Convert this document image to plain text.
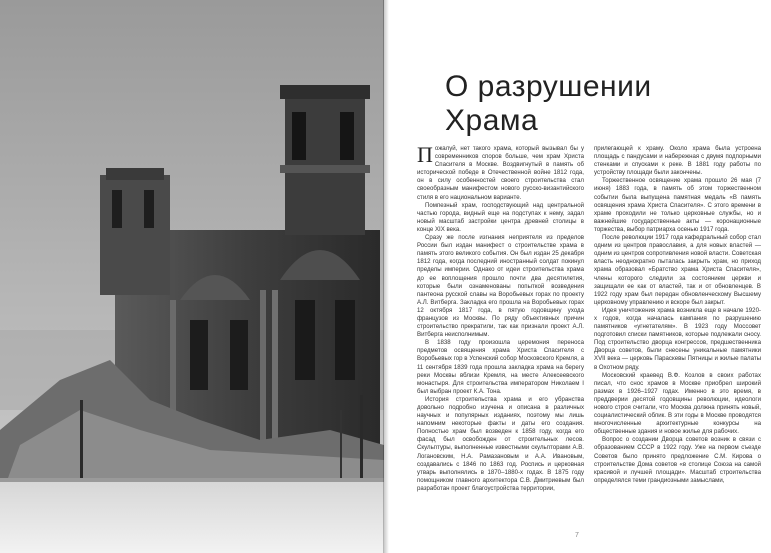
О разрушении Храма

Пожалуй, нет такого храма, который вызывал бы у современников споров больше, чем храм Христа Спасителя в Москве. Воздвигнутый в память об исторической победе в Отечественной войне 1812 года, он в силу особенностей своего строительства стал своеобразным манифестом нового русско-византийского стиля в его национальном варианте.

Помпезный храм, господствующий над центральной частью города, видный еще на подступах к нему, задал новый масштаб застройки центра древней столицы в конце XIX века.

Сразу же после изгнания неприятеля из пределов России был издан манифест о строительстве храма в память этого великого события. Он был издан 25 декабря 1812 года, когда последний иностранный солдат покинул пределы империи. Однако от идеи строительства храма до ее воплощения прошло почти два десятилетия, которые были ознаменованы попыткой возведения пантеона русской славы на Воробьевых горах по проекту А.Л. Витберга. Закладка его прошла на Воробьевых горах 12 октября 1817 года, в пятую годовщину ухода французов из Москвы. По ряду объективных причин строительство прекратили, так как признали проект А.Л. Витберга неисполнимым.

В 1838 году произошла церемония переноса предметов освящения храма Христа Спасителя с Воробьевых гор в Успенский собор Московского Кремля, а 11 сентября 1839 года прошла закладка храма на берегу реки Москвы вблизи Кремля, на месте Алексеевского монастыря. Для строительства императором Николаем I был выбран проект К.А. Тона.

История строительства храма и его убранства довольно подробно изучена и описана в различных научных и популярных изданиях, поэтому мы лишь напомним некоторые факты и даты его создания. Полностью храм был возведен к 1858 году, когда его фасад был освобожден от строительных лесов. Скульптуры, выполненные известными скульпторами А.В. Логановским, Н.А. Рамазановым и А.А. Ивановым, создавались с 1846 по 1863 год. Роспись и церковная утварь выполнялись в 1870–1880-х годах. В 1875 году помощником главного архитектора С.В. Дмитриевым был разработан проект благоустройства территории,

прилегающей к храму. Около храма была устроена площадь с пандусами и набережная с двумя подпорными стенками и спусками к реке. В 1881 году работы по устройству площади были закончены.

Торжественное освящение храма прошло 26 мая (7 июня) 1883 года, в память об этом торжественном событии была выпущена памятная медаль «В память освящения храма Христа Спасителя». С этого времени в храме проходили не только церковные службы, но и важнейшие государственные акты — коронационные торжества, выбор патриарха осенью 1917 года.

После революции 1917 года кафедральный собор стал одним из центров православия, а для новых властей — одним из центров сопротивления новой власти. Советская власть неоднократно пыталась закрыть храм, но приход храма образовал «Братство храма Христа Спасителя», члены которого следили за состоянием церкви и защищали ее как от властей, так и от обновленцев. В 1922 году храм был передан обновленческому Высшему церковному управлению и вскоре был закрыт.

Идея уничтожения храма возникла еще в начале 1920-х годов, когда началась кампания по разрушению памятников «угнетателям». В 1923 году Моссовет подготовил списки памятников, которые подлежали сносу. Под строительство дворца конгрессов, предшественника Дворца советов, были снесены уникальные памятники XVII века — церковь Параскевы Пятницы и жилые палаты в Охотном ряду.

Московский краевед В.Ф. Козлов в своих работах писал, что снос храмов в Москве приобрел широкий размах в 1926–1927 годах. Именно в это время, в преддверии десятой годовщины революции, идеологи нового строя считали, что Москва должна принять новый, социалистический облик. В эти годы в Москве проводятся многочисленные архитектурные конкурсы на общественные здания и новое жилье для рабочих.

Вопрос о создании Дворца советов возник в связи с образованием СССР в 1922 году. Уже на первом съезде Советов было принято предложение С.М. Кирова о строительстве Дома советов «в столице Союза на самой красивой и лучшей площади». Масштаб строительства определялся теми грандиозными замыслами,

7
